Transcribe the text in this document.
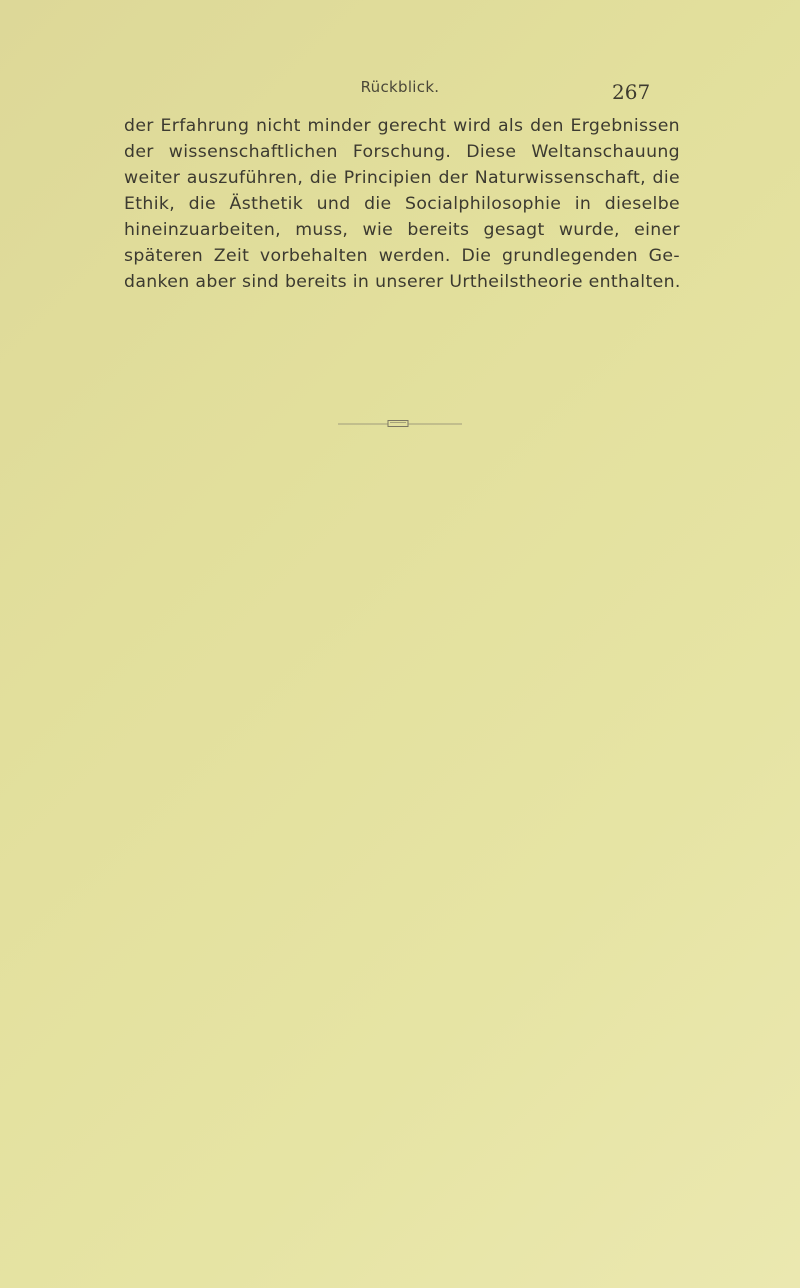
Rückblick.	267
der Erfahrung nicht minder gerecht wird als den Ergebnissen
der wissenschaftlichen Forschung. Diese Weltanschauung
weiter auszuführen, die Principien der Naturwissenschaft, die
Ethik, die Ästhetik und die Socialphilosophie in dieselbe
hineinzuarbeiten, muss, wie bereits gesagt wurde, einer
späteren Zeit vorbehalten werden. Die grundlegenden Ge-
danken aber sind bereits in unserer Urtheilstheorie enthalten.
